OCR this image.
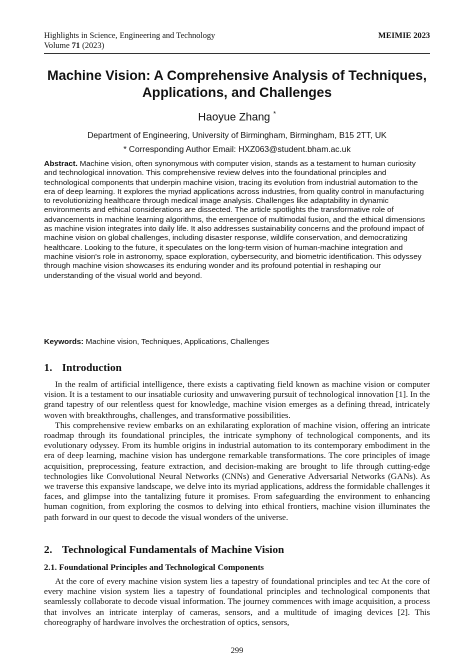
Highlights in Science, Engineering and Technology	MEIMIE 2023
Volume 71 (2023)
Machine Vision: A Comprehensive Analysis of Techniques,
Applications, and Challenges
Haoyue Zhang *
Department of Engineering, University of Birmingham, Birmingham, B15 2TT, UK
* Corresponding Author Email: HXZ063@student.bham.ac.uk
Abstract. Machine vision, often synonymous with computer vision, stands as a testament to human curiosity and technological innovation. This comprehensive review delves into the foundational principles and technological components that underpin machine vision, tracing its evolution from industrial automation to the era of deep learning. It explores the myriad applications across industries, from quality control in manufacturing to revolutionizing healthcare through medical image analysis. Challenges like adaptability in dynamic environments and ethical considerations are dissected. The article spotlights the transformative role of advancements in machine learning algorithms, the emergence of multimodal fusion, and the ethical dimensions as machine vision integrates into daily life. It also addresses sustainability concerns and the profound impact of machine vision on global challenges, including disaster response, wildlife conservation, and democratizing healthcare. Looking to the future, it speculates on the long-term vision of human-machine integration and machine vision's role in astronomy, space exploration, cybersecurity, and biometric identification. This odyssey through machine vision showcases its enduring wonder and its profound potential in reshaping our understanding of the visual world and beyond.
Keywords: Machine vision, Techniques, Applications, Challenges
1. Introduction

In the realm of artificial intelligence, there exists a captivating field known as machine vision or computer vision. It is a testament to our insatiable curiosity and unwavering pursuit of technological innovation [1]. In the grand tapestry of our relentless quest for knowledge, machine vision emerges as a defining thread, intricately woven with breakthroughs, challenges, and transformative possibilities.

This comprehensive review embarks on an exhilarating exploration of machine vision, offering an intricate roadmap through its foundational principles, the intricate symphony of technological components, and its evolutionary odyssey. From its humble origins in industrial automation to its contemporary embodiment in the era of deep learning, machine vision has undergone remarkable transformations. The core principles of image acquisition, preprocessing, feature extraction, and decision-making are brought to life through cutting-edge technologies like Convolutional Neural Networks (CNNs) and Generative Adversarial Networks (GANs). As we traverse this expansive landscape, we delve into its myriad applications, address the formidable challenges it faces, and glimpse into the tantalizing future it promises. From safeguarding the environment to enhancing human cognition, from exploring the cosmos to delving into ethical frontiers, machine vision illuminates the path forward in our quest to decode the visual wonders of the universe.

2. Technological Fundamentals of Machine Vision
2.1. Foundational Principles and Technological Components

At the core of every machine vision system lies a tapestry of foundational principles and tec At the core of every machine vision system lies a tapestry of foundational principles and technological components that seamlessly collaborate to decode visual information. The journey commences with image acquisition, a process that involves an intricate interplay of cameras, sensors, and a multitude of imaging devices [2]. This choreography of hardware involves the orchestration of optics, sensors,

299
